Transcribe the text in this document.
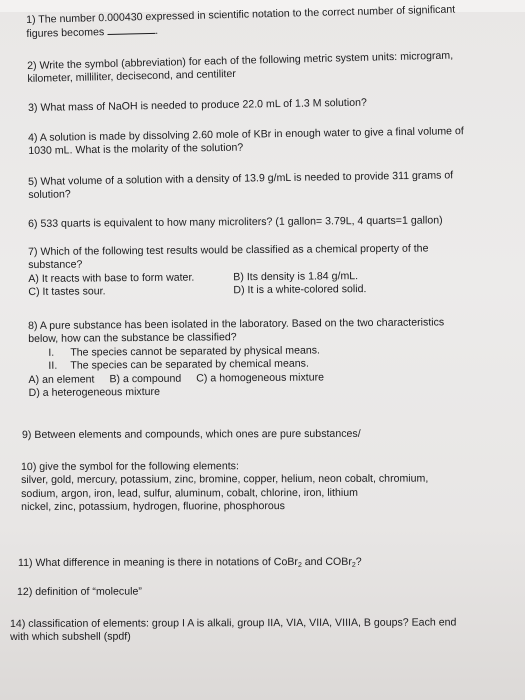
1) The number 0.000430 expressed in scientific notation to the correct number of significant

figures becomes	.

2) Write the symbol (abbreviation) for each of the following metric system units: microgram,

kilometer, milliliter, decisecond, and centiliter

3) What mass of NaOH is needed to produce 22.0 mL of 1.3 M solution?

4) A solution is made by dissolving 2.60 mole of KBr in enough water to give a final volume of

1030 mL. What is the molarity of the solution?

5) What volume of a solution with a density of 13.9 g/mL is needed to provide 311 grams of

solution?

6) 533 quarts is equivalent to how many microliters? (1 gallon= 3.79L, 4 quarts=1 gallon)

7) Which of the following test results would be classified as a chemical property of the

substance?

A) It reacts with base to form water.	B) Its density is 1.84 g/mL.

C) It tastes sour.	D) It is a white-colored solid.

8) A pure substance has been isolated in the laboratory. Based on the two characteristics

below, how can the substance be classified?

I. The species cannot be separated by physical means.

II. The species can be separated by chemical means.

A) an element B) a compound C) a homogeneous mixture

D) a heterogeneous mixture

9) Between elements and compounds, which ones are pure substances/

10) give the symbol for the following elements:

silver, gold, mercury, potassium, zinc, bromine, copper, helium, neon cobalt, chromium,

sodium, argon, iron, lead, sulfur, aluminum, cobalt, chlorine, iron, lithium

nickel, zinc, potassium, hydrogen, fluorine, phosphorous

11) What difference in meaning is there in notations of CoBr$_2$ and COBr$_2$?

12) definition of “molecule”

14) classification of elements: group I A is alkali, group IIA, VIA, VIIA, VIIIA, B goups? Each end

with which subshell (spdf)
